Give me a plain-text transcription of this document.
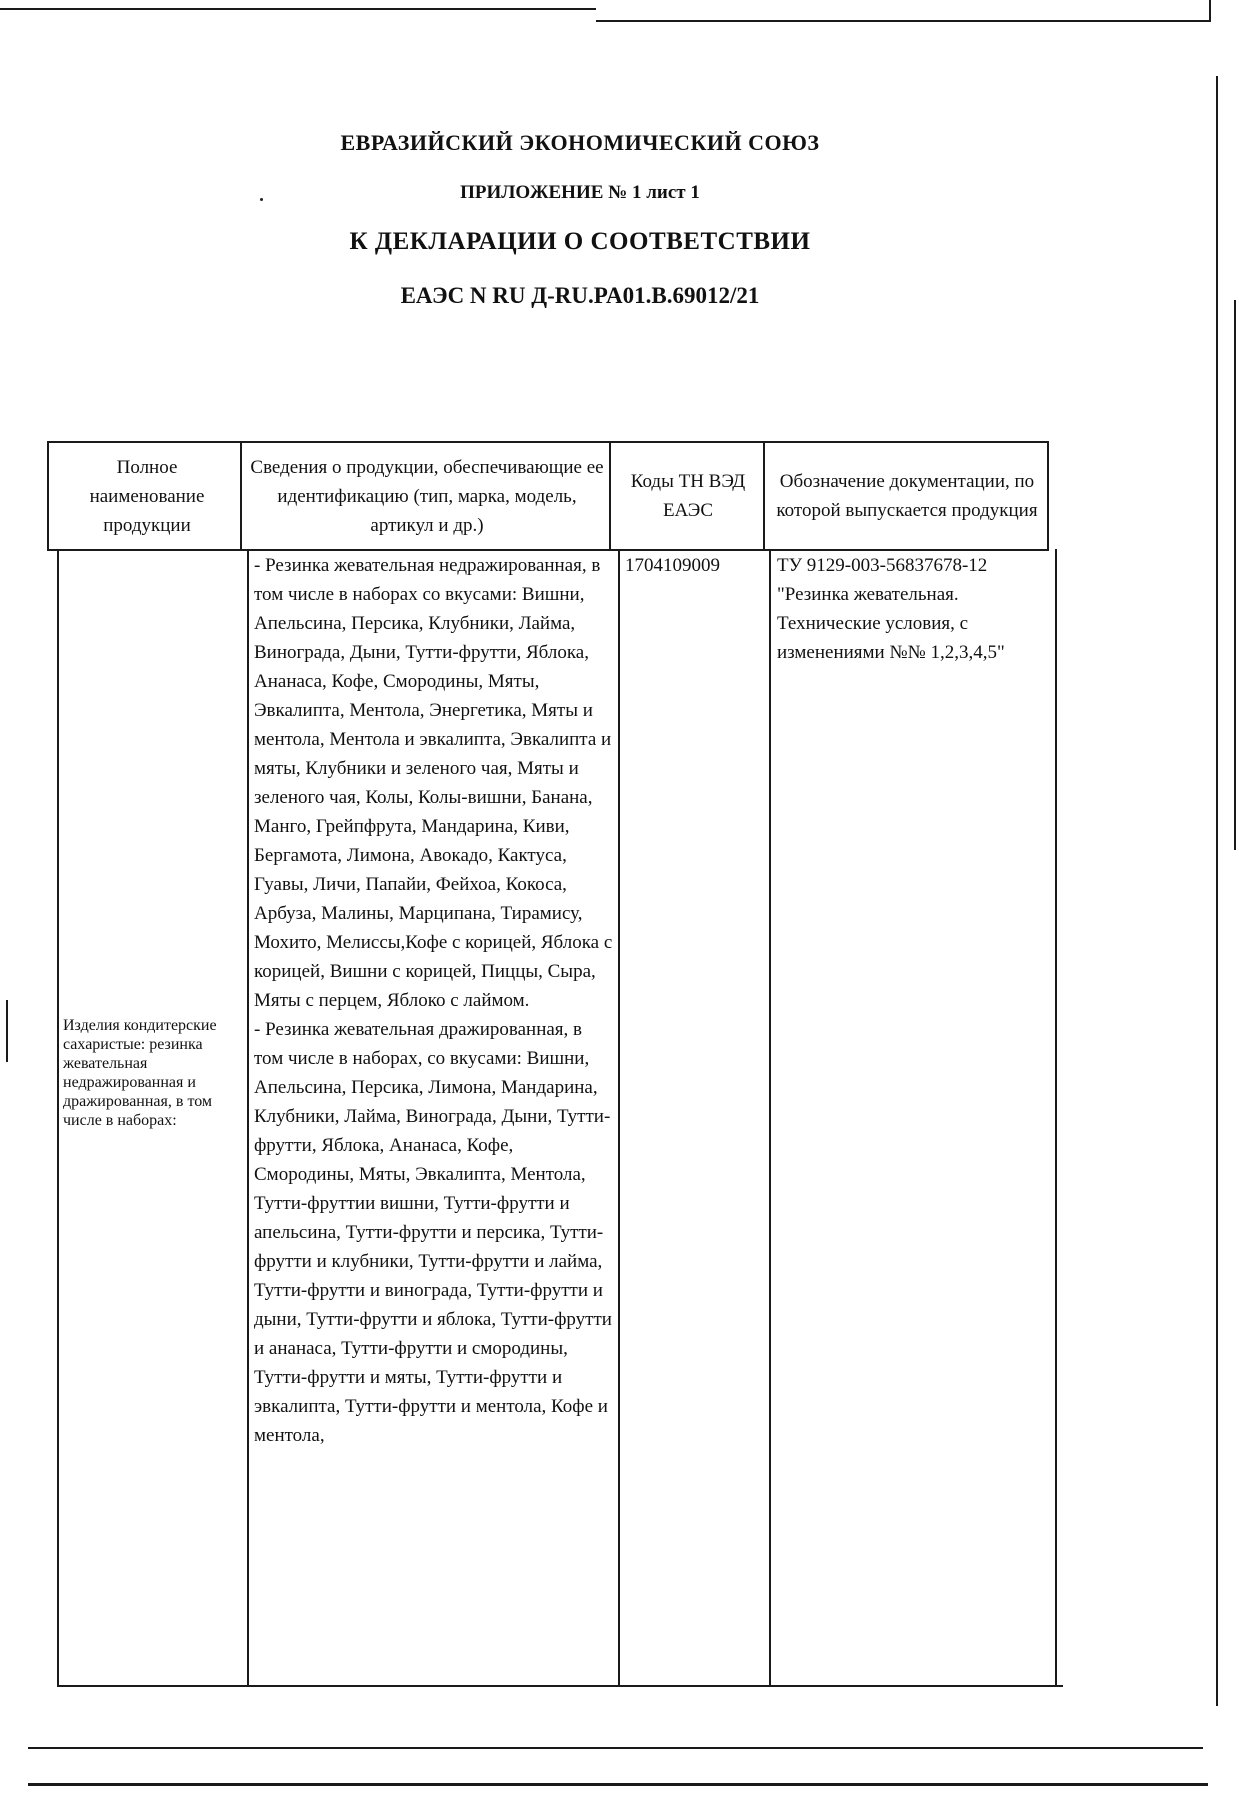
ЕВРАЗИЙСКИЙ ЭКОНОМИЧЕСКИЙ СОЮЗ
ПРИЛОЖЕНИЕ № 1 лист 1
К ДЕКЛАРАЦИИ О СООТВЕТСТВИИ
ЕАЭС N RU Д-RU.PA01.B.69012/21
Полное наименование продукции
Сведения о продукции, обеспечивающие ее идентификацию (тип, марка, модель, артикул и др.)
Коды ТН ВЭД ЕАЭС
Обозначение документации, по которой выпускается продукция
Изделия кондитерские сахаристые: резинка жевательная недражированная и дражированная, в том числе в наборах:

- Резинка жевательная недражированная, в том числе в наборах со вкусами: Вишни, Апельсина, Персика, Клубники, Лайма, Винограда, Дыни, Тутти-фрутти, Яблока, Ананаса, Кофе, Смородины, Мяты, Эвкалипта, Ментола, Энергетика, Мяты и ментола, Ментола и эвкалипта, Эвкалипта и мяты, Клубники и зеленого чая, Мяты и зеленого чая, Колы, Колы-вишни, Банана, Манго, Грейпфрута, Мандарина, Киви, Бергамота, Лимона, Авокадо, Кактуса, Гуавы, Личи, Папайи, Фейхоа, Кокоса, Арбуза, Малины, Марципана, Тирамису, Мохито, Мелиссы,Кофе с корицей, Яблока с корицей, Вишни с корицей, Пиццы, Сыра, Мяты с перцем, Яблоко с лаймом.

- Резинка жевательная дражированная, в том числе в наборах, со вкусами: Вишни, Апельсина, Персика, Лимона, Мандарина, Клубники, Лайма, Винограда, Дыни, Тутти-фрутти, Яблока, Ананаса, Кофе, Смородины, Мяты, Эвкалипта, Ментола, Тутти-фруттии вишни, Тутти-фрутти и апельсина, Тутти-фрутти и персика, Тутти-фрутти и клубники, Тутти-фрутти и лайма, Тутти-фрутти и винограда, Тутти-фрутти и дыни, Тутти-фрутти и яблока, Тутти-фрутти и ананаса, Тутти-фрутти и смородины, Тутти-фрутти и мяты, Тутти-фрутти и эвкалипта, Тутти-фрутти и ментола, Кофе и ментола,

1704109009	ТУ 9129-003-56837678-12 "Резинка жевательная. Технические условия, с изменениями №№ 1,2,3,4,5"
